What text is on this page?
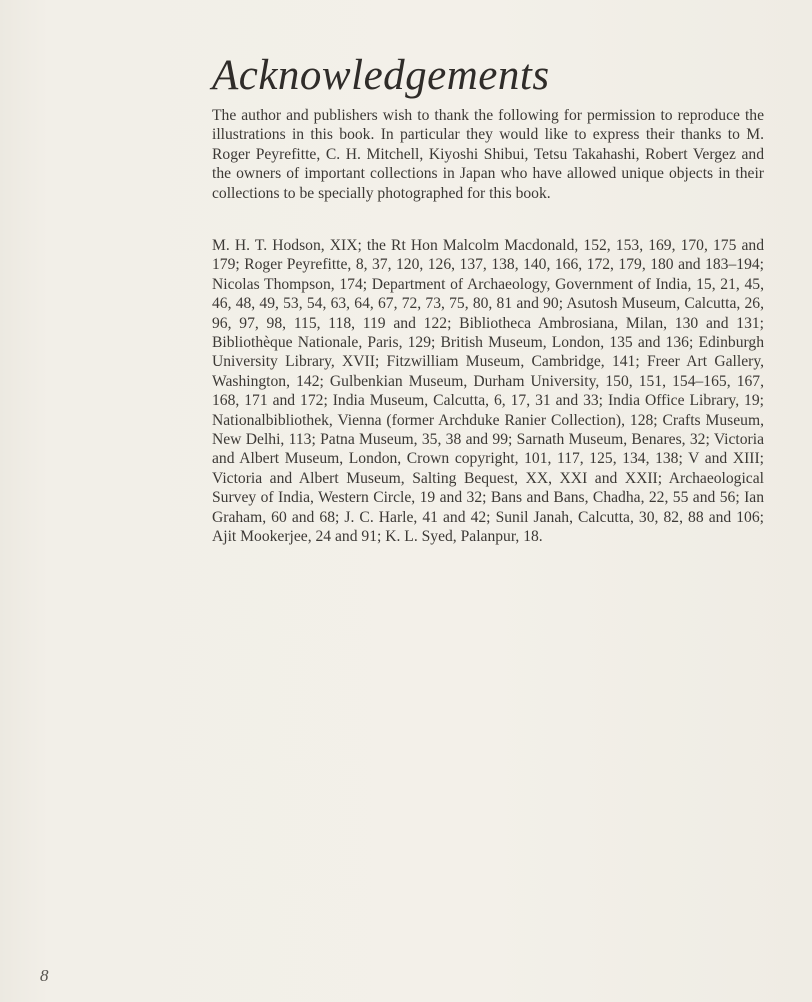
Acknowledgements

The author and publishers wish to thank the following for permission to reproduce the illustrations in this book. In particular they would like to express their thanks to M. Roger Peyrefitte, C. H. Mitchell, Kiyoshi Shibui, Tetsu Takahashi, Robert Vergez and the owners of important collections in Japan who have allowed unique objects in their collections to be specially photographed for this book.

M. H. T. Hodson, XIX; the Rt Hon Malcolm Macdonald, 152, 153, 169, 170, 175 and 179; Roger Peyrefitte, 8, 37, 120, 126, 137, 138, 140, 166, 172, 179, 180 and 183–194; Nicolas Thompson, 174; Department of Archaeology, Government of India, 15, 21, 45, 46, 48, 49, 53, 54, 63, 64, 67, 72, 73, 75, 80, 81 and 90; Asutosh Museum, Calcutta, 26, 96, 97, 98, 115, 118, 119 and 122; Bibliotheca Ambrosiana, Milan, 130 and 131; Bibliothèque Nationale, Paris, 129; British Museum, London, 135 and 136; Edinburgh University Library, XVII; Fitzwilliam Museum, Cambridge, 141; Freer Art Gallery, Washington, 142; Gulbenkian Museum, Durham University, 150, 151, 154–165, 167, 168, 171 and 172; India Museum, Calcutta, 6, 17, 31 and 33; India Office Library, 19; Nationalbibliothek, Vienna (former Archduke Ranier Collection), 128; Crafts Museum, New Delhi, 113; Patna Museum, 35, 38 and 99; Sarnath Museum, Benares, 32; Victoria and Albert Museum, London, Crown copyright, 101, 117, 125, 134, 138; V and XIII; Victoria and Albert Museum, Salting Bequest, XX, XXI and XXII; Archaeological Survey of India, Western Circle, 19 and 32; Bans and Bans, Chadha, 22, 55 and 56; Ian Graham, 60 and 68; J. C. Harle, 41 and 42; Sunil Janah, Calcutta, 30, 82, 88 and 106; Ajit Mookerjee, 24 and 91; K. L. Syed, Palanpur, 18.

8
